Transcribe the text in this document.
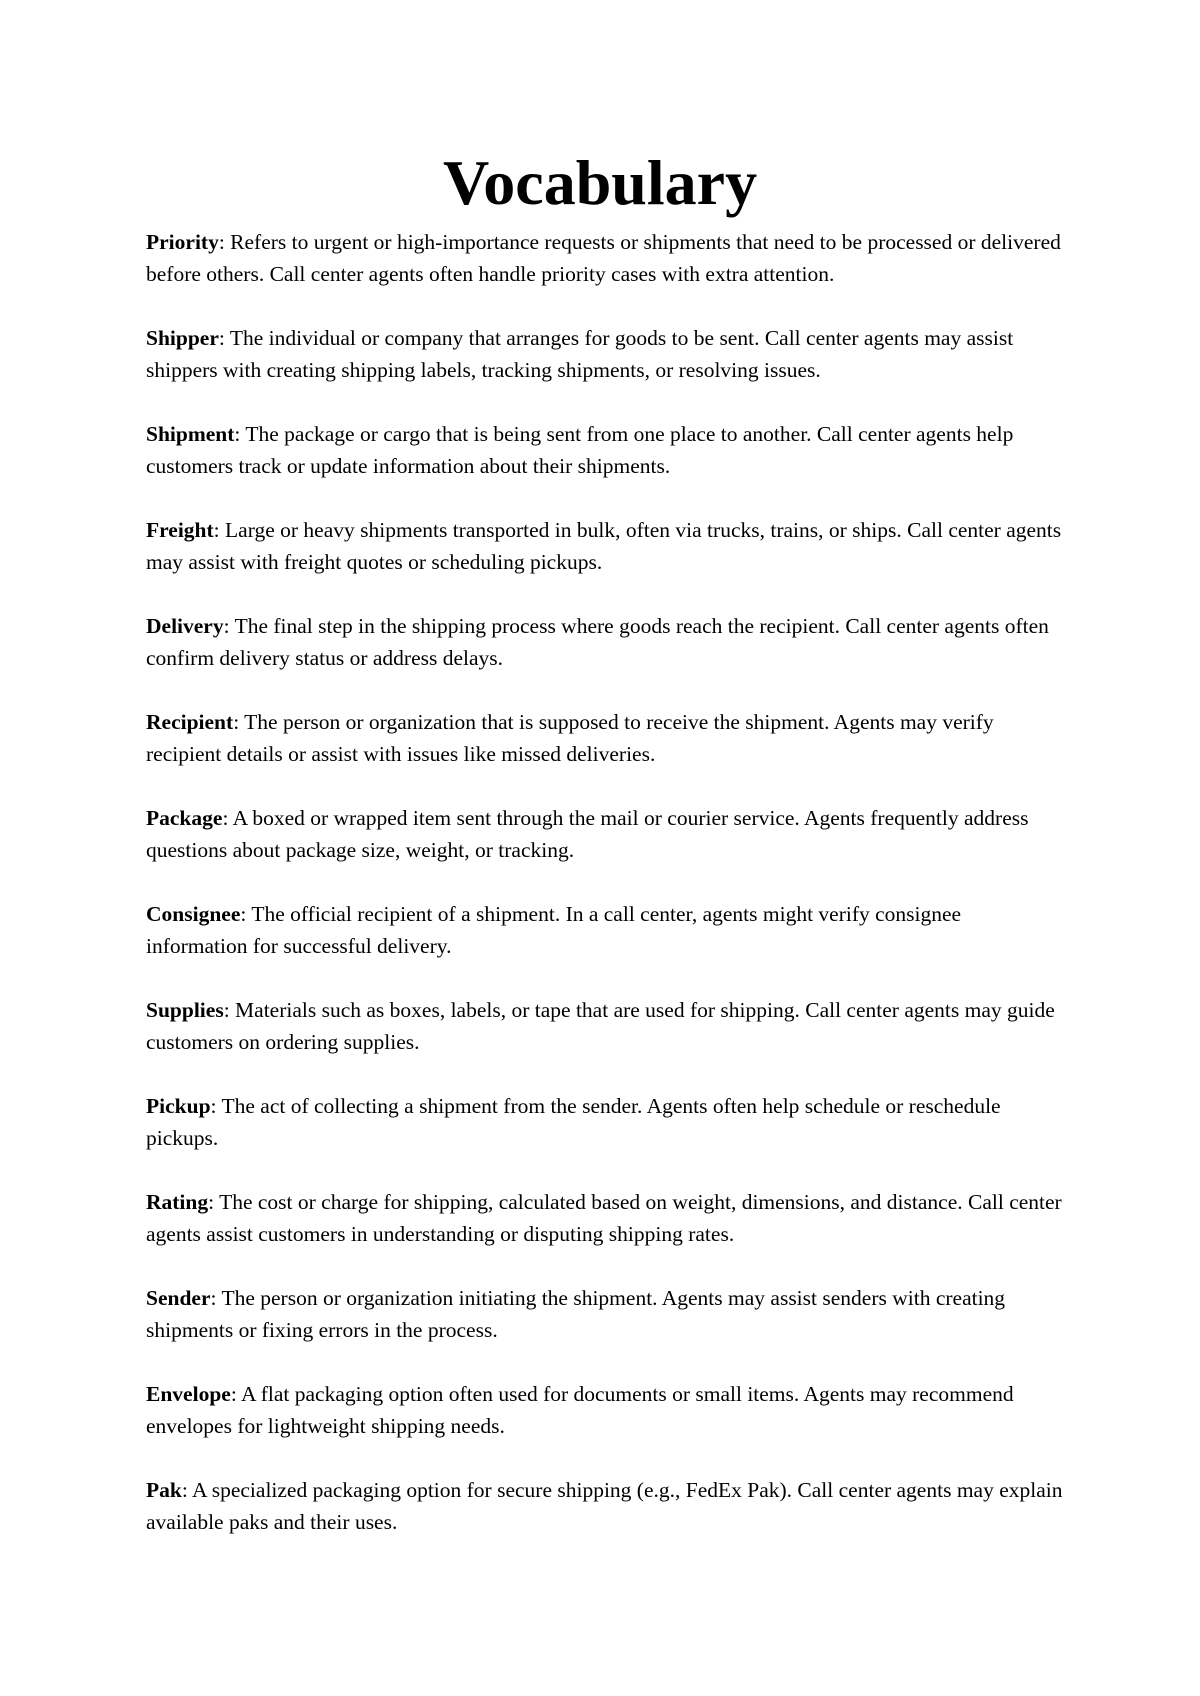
Vocabulary

Priority: Refers to urgent or high-importance requests or shipments that need to be processed or delivered before others. Call center agents often handle priority cases with extra attention.

Shipper: The individual or company that arranges for goods to be sent. Call center agents may assist shippers with creating shipping labels, tracking shipments, or resolving issues.

Shipment: The package or cargo that is being sent from one place to another. Call center agents help customers track or update information about their shipments.

Freight: Large or heavy shipments transported in bulk, often via trucks, trains, or ships. Call center agents may assist with freight quotes or scheduling pickups.

Delivery: The final step in the shipping process where goods reach the recipient. Call center agents often confirm delivery status or address delays.

Recipient: The person or organization that is supposed to receive the shipment. Agents may verify recipient details or assist with issues like missed deliveries.

Package: A boxed or wrapped item sent through the mail or courier service. Agents frequently address questions about package size, weight, or tracking.

Consignee: The official recipient of a shipment. In a call center, agents might verify consignee information for successful delivery.

Supplies: Materials such as boxes, labels, or tape that are used for shipping. Call center agents may guide customers on ordering supplies.

Pickup: The act of collecting a shipment from the sender. Agents often help schedule or reschedule pickups.

Rating: The cost or charge for shipping, calculated based on weight, dimensions, and distance. Call center agents assist customers in understanding or disputing shipping rates.

Sender: The person or organization initiating the shipment. Agents may assist senders with creating shipments or fixing errors in the process.

Envelope: A flat packaging option often used for documents or small items. Agents may recommend envelopes for lightweight shipping needs.

Pak: A specialized packaging option for secure shipping (e.g., FedEx Pak). Call center agents may explain available paks and their uses.
